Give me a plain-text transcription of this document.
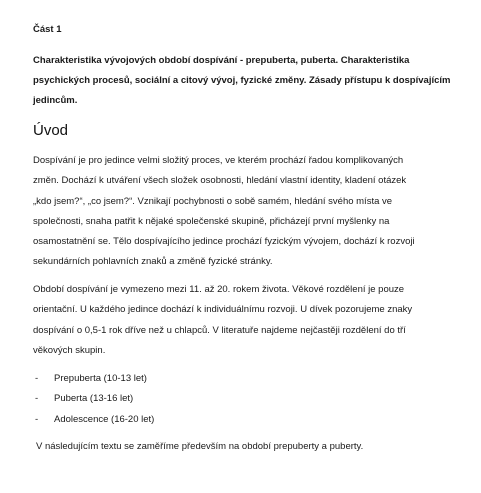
Část 1

Charakteristika vývojových období dospívání - prepuberta, puberta. Charakteristika psychických procesů, sociální a citový vývoj, fyzické změny. Zásady přístupu k dospívajícím jedincům.

Úvod

Dospívání je pro jedince velmi složitý proces, ve kterém prochází řadou komplikovaných
změn. Dochází k utváření všech složek osobnosti, hledání vlastní identity, kladení otázek
„kdo jsem?“, „co jsem?“. Vznikají pochybnosti o sobě samém, hledání svého místa ve
společnosti, snaha patřit k nějaké společenské skupině, přicházejí první myšlenky na
osamostatnění se. Tělo dospívajícího jedince prochází fyzickým vývojem, dochází k rozvoji
sekundárních pohlavních znaků a změně fyzické stránky.

Období dospívání je vymezeno mezi 11. až 20. rokem života. Věkové rozdělení je pouze
orientační. U každého jedince dochází k individuálnímu rozvoji. U dívek pozorujeme znaky
dospívání o 0,5-1 rok dříve než u chlapců. V literatuře najdeme nejčastěji rozdělení do tří
věkových skupin.

- Prepuberta (10-13 let)
- Puberta (13-16 let)
- Adolescence (16-20 let)

V následujícím textu se zaměříme především na období prepuberty a puberty.
